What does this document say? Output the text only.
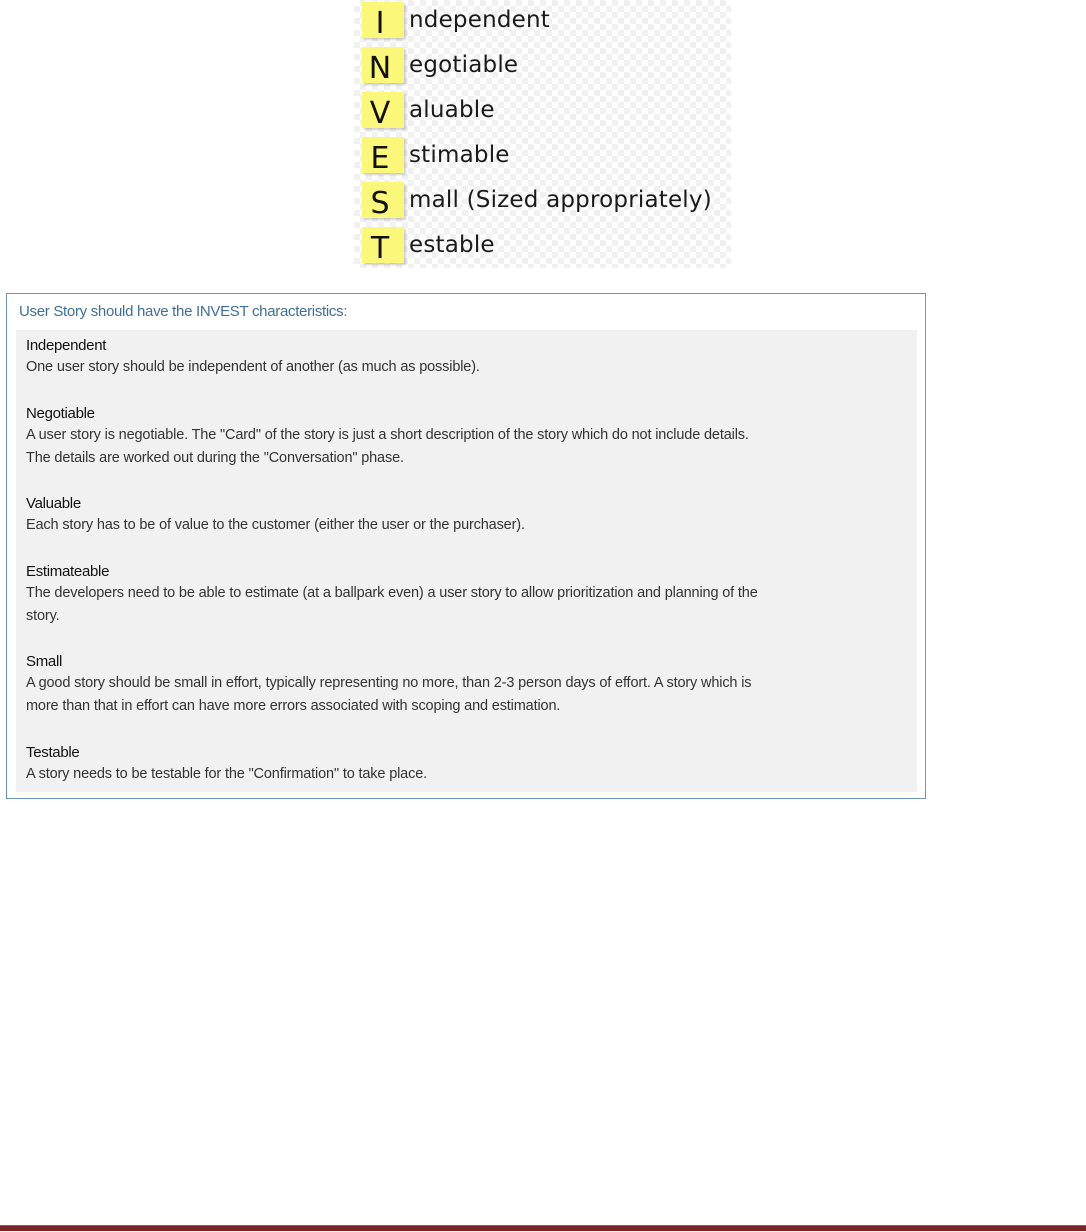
I	ndependent
N egotiable
V aluable
E stimable
S mall (Sized appropriately)
T estable
User Story should have the INVEST characteristics:
Independent
One user story should be independent of another (as much as possible).
Negotiable
A user story is negotiable. The "Card" of the story is just a short description of the story which do not include details.
The details are worked out during the "Conversation" phase.
Valuable
Each story has to be of value to the customer (either the user or the purchaser).
Estimateable
The developers need to be able to estimate (at a ballpark even) a user story to allow prioritization and planning of the
story.
Small
A good story should be small in effort, typically representing no more, than 2-3 person days of effort. A story which is
more than that in effort can have more errors associated with scoping and estimation.
Testable
A story needs to be testable for the "Confirmation" to take place.
